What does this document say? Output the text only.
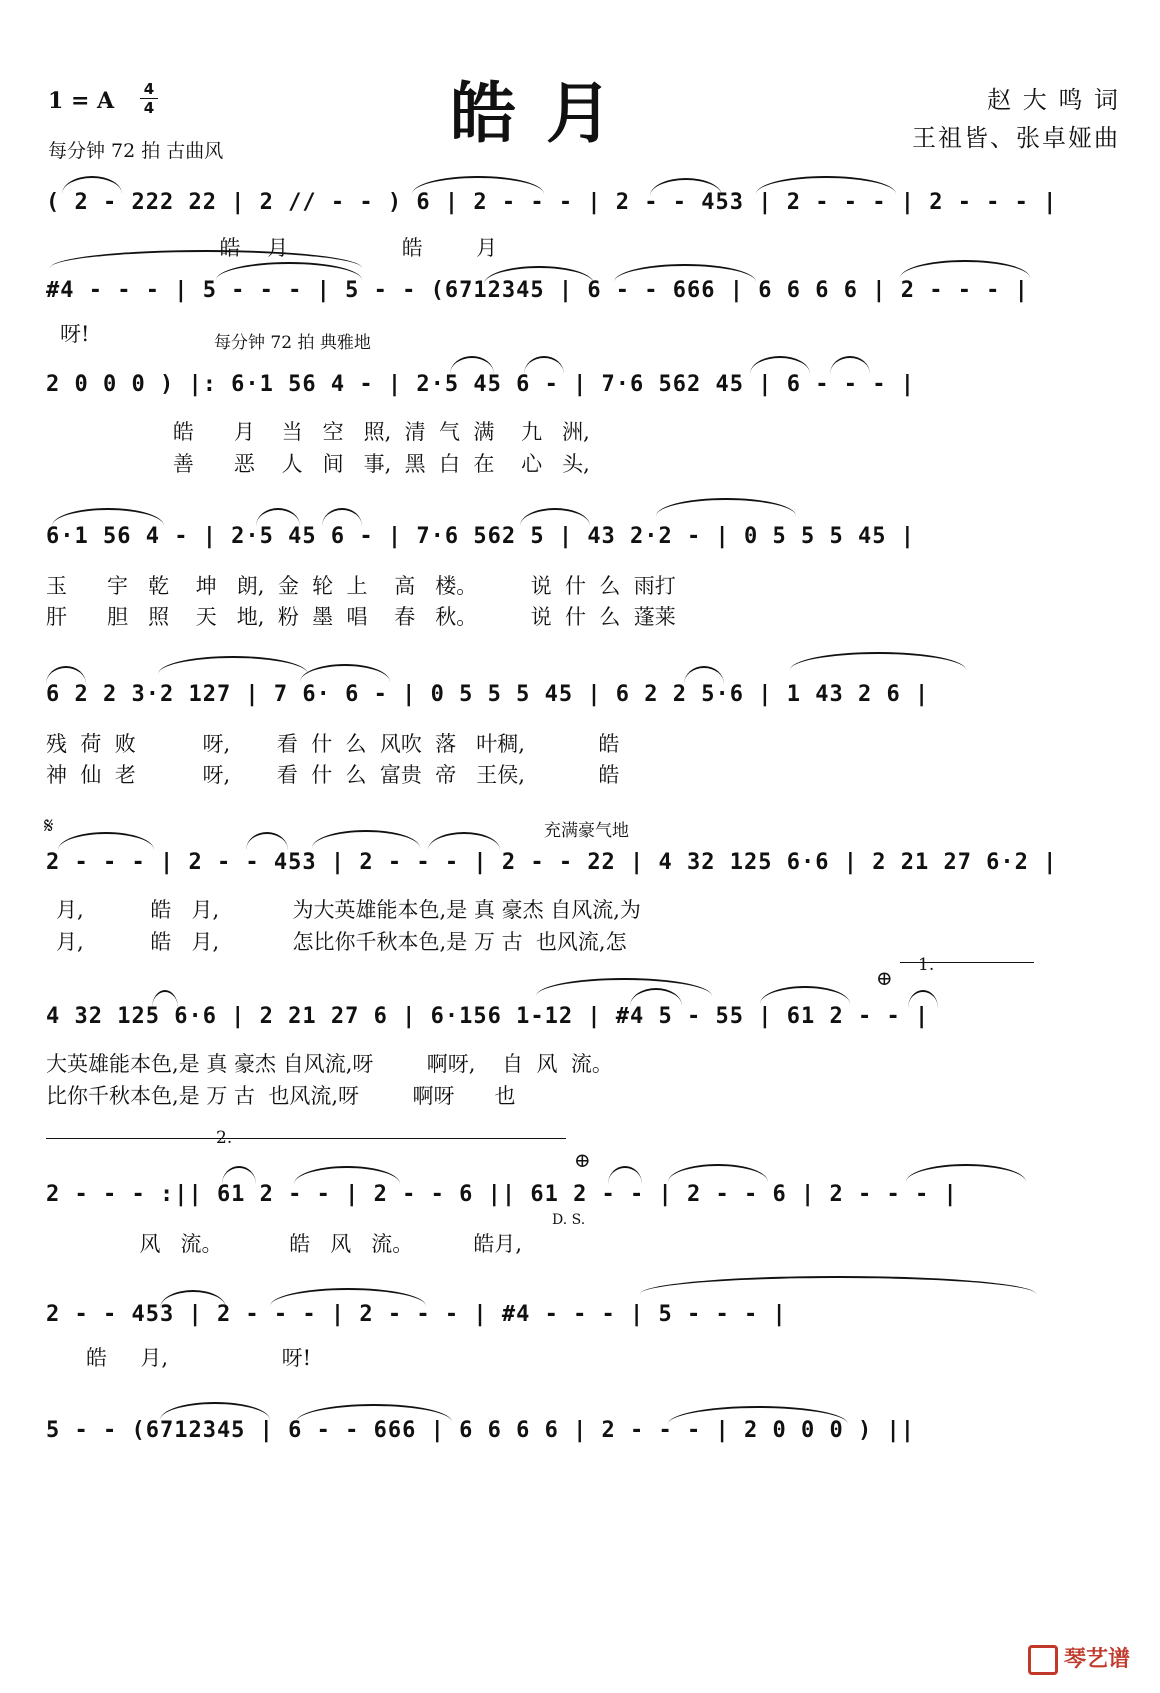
1 = A 4
4	皓月	赵 大 鸣 词
王祖皆、张卓娅曲
每分钟 72 拍 古曲风
( 2 - 222 22 | 2 // - - ) 6 | 2 - - - | 2 - - 453 | 2 - - - | 2 - - - |
皓    月                 皓        月
#4 - - - | 5 - - - | 5 - - (6712345 | 6 - - 666 | 6 6 6 6 | 2 - - - |
呀!	每分钟 72 拍 典雅地
2 0 0 0 ) |: 6·1 56 4 - | 2·5 45 6 - | 7·6 562 45 | 6 - - - |
皓      月    当   空   照,  清  气  满    九   洲,
善      恶    人   间   事,  黑  白  在    心   头,
6·1 56 4 - | 2·5 45 6 - | 7·6 562 5 | 43 2·2 - | 0 5 5 5 45 |
玉      宇   乾    坤   朗,  金  轮  上    高   楼。        说  什  么  雨打
肝      胆   照    天   地,  粉  墨  唱    春   秋。        说  什  么  蓬莱
6 2 2 3·2 127 | 7 6· 6 - | 0 5 5 5 45 | 6 2 2 5·6 | 1 43 2 6 |
残  荷  败          呀,       看  什  么  风吹  落   叶稠,           皓
神  仙  老          呀,       看  什  么  富贵  帝   王侯,           皓
𝄋	充满豪气地
2 - - - | 2 - - 453 | 2 - - - | 2 - - 22 | 4 32 125 6·6 | 2 21 27 6·2 |
月,          皓   月,           为大英雄能本色,是 真 豪杰 自风流,为
月,          皓   月,           怎比你千秋本色,是 万 古  也风流,怎
⊕
1.
4 32 125 6·6 | 2 21 27 6 | 6·156 1-12 | #4 5 - 55 | 61 2 - - |
大英雄能本色,是 真 豪杰 自风流,呀        啊呀,    自  风  流。
比你千秋本色,是 万 古  也风流,呀        啊呀      也
2.
⊕
2 - - - :|| 61 2 - - | 2 - - 6 || 61 2 - - | 2 - - 6 | 2 - - - |
D. S.
风   流。          皓   风   流。         皓月,
2 - - 453 | 2 - - - | 2 - - - | #4 - - - | 5 - - - |
皓     月,                 呀!
5 - - (6712345 | 6 - - 666 | 6 6 6 6 | 2 - - - | 2 0 0 0 ) ||
琴艺谱
